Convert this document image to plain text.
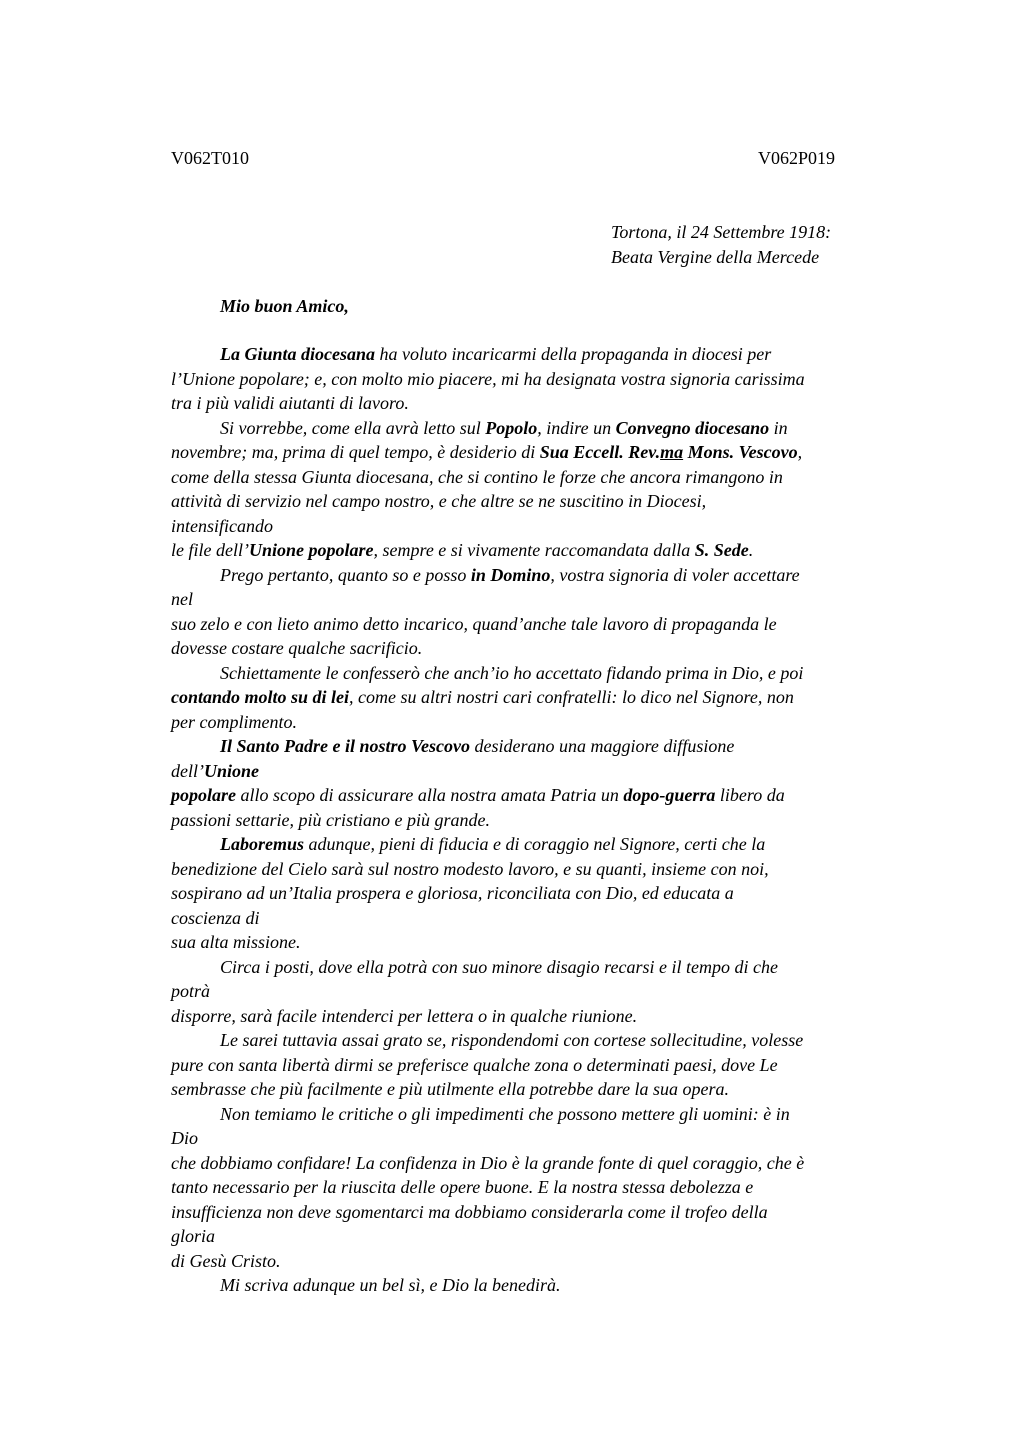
V062T010	V062P019
Tortona, il 24 Settembre 1918:
Beata Vergine della Mercede
Mio buon Amico,
La Giunta diocesana ha voluto incaricarmi della propaganda in diocesi per
l’Unione popolare; e, con molto mio piacere, mi ha designata vostra signoria carissima
tra i più validi aiutanti di lavoro.
Si vorrebbe, come ella avrà letto sul Popolo, indire un Convegno diocesano in
novembre; ma, prima di quel tempo, è desiderio di Sua Eccell. Rev.ma Mons. Vescovo,
come della stessa Giunta diocesana, che si contino le forze che ancora rimangono in
attività di servizio nel campo nostro, e che altre se ne suscitino in Diocesi,
intensificando
le file dell’Unione popolare, sempre e si vivamente raccomandata dalla S. Sede.
Prego pertanto, quanto so e posso in Domino, vostra signoria di voler accettare
nel
suo zelo e con lieto animo detto incarico, quand’anche tale lavoro di propaganda le
dovesse costare qualche sacrificio.
Schiettamente le confesserò che anch’io ho accettato fidando prima in Dio, e poi
contando molto su di lei, come su altri nostri cari confratelli: lo dico nel Signore, non
per complimento.
Il Santo Padre e il nostro Vescovo desiderano una maggiore diffusione
dell’Unione
popolare allo scopo di assicurare alla nostra amata Patria un dopo-guerra libero da
passioni settarie, più cristiano e più grande.
Laboremus adunque, pieni di fiducia e di coraggio nel Signore, certi che la
benedizione del Cielo sarà sul nostro modesto lavoro, e su quanti, insieme con noi,
sospirano ad un’Italia prospera e gloriosa, riconciliata con Dio, ed educata a
coscienza di
sua alta missione.
Circa i posti, dove ella potrà con suo minore disagio recarsi e il tempo di che
potrà
disporre, sarà facile intenderci per lettera o in qualche riunione.
Le sarei tuttavia assai grato se, rispondendomi con cortese sollecitudine, volesse
pure con santa libertà dirmi se preferisce qualche zona o determinati paesi, dove Le
sembrasse che più facilmente e più utilmente ella potrebbe dare la sua opera.
Non temiamo le critiche o gli impedimenti che possono mettere gli uomini: è in
Dio
che dobbiamo confidare! La confidenza in Dio è la grande fonte di quel coraggio, che è
tanto necessario per la riuscita delle opere buone. E la nostra stessa debolezza e
insufficienza non deve sgomentarci ma dobbiamo considerarla come il trofeo della
gloria
di Gesù Cristo.
Mi scriva adunque un bel sì, e Dio la benedirà.
